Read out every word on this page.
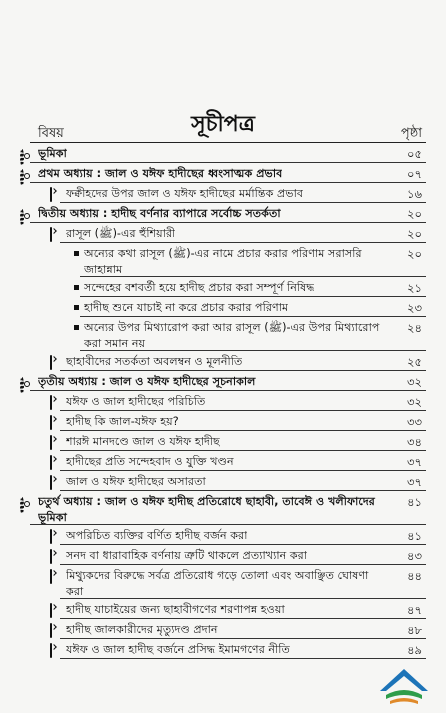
সূচীপত্র
বিষয়	পৃষ্ঠা
ভূমিকা	০৫
প্রথম অধ্যায় : জাল ও যঈফ হাদীছের ধ্বংসাত্মক প্রভাব	০৭
ফক্বীহদের উপর জাল ও যঈফ হাদীছের মর্মান্তিক প্রভাব	১৬
দ্বিতীয় অধ্যায় : হাদীছ বর্ণনার ব্যাপারে সর্বোচ্চ সতর্কতা	২০
রাসূল (ﷺ)-এর হুঁশিয়ারী	২০
অন্যের কথা রাসূল (ﷺ)-এর নামে প্রচার করার পরিণাম সরাসরি জাহান্নাম
২০
সন্দেহের বশবর্তী হয়ে হাদীছ প্রচার করা সম্পূর্ণ নিষিদ্ধ	২১
হাদীছ শুনে যাচাই না করে প্রচার করার পরিণাম	২৩
অন্যের উপর মিথ্যারোপ করা আর রাসূল (ﷺ)-এর উপর মিথ্যারোপ করা সমান নয়
২৪
ছাহাবীদের সতর্কতা অবলম্বন ও মূলনীতি	২৫
তৃতীয় অধ্যায় : জাল ও যঈফ হাদীছের সূচনাকাল	৩২
যঈফ ও জাল হাদীছের পরিচিতি	৩২
হাদীছ কি জাল-যঈফ হয়?	৩৩
শারঈ মানদণ্ডে জাল ও যঈফ হাদীছ	৩৪
হাদীছের প্রতি সন্দেহবাদ ও যুক্তি খণ্ডন	৩৭
জাল ও যঈফ হাদীছের অসারতা	৩৭
চতুর্থ অধ্যায় : জাল ও যঈফ হাদীছ প্রতিরোধে ছাহাবী, তাবেঈ ও খলীফাদের ভূমিকা
৪১
অপরিচিত ব্যক্তির বর্ণিত হাদীছ বর্জন করা	৪১
সনদ বা ধারাবাহিক বর্ণনায় ত্রুটি থাকলে প্রত্যাখ্যান করা	৪৩
মিথ্যুকদের বিরুদ্ধে সর্বত্র প্রতিরোধ গড়ে তোলা এবং অবাঞ্ছিত ঘোষণা করা
৪৪
হাদীছ যাচাইয়ের জন্য ছাহাবীগণের শরণাপন্ন হওয়া	৪৭
হাদীছ জালকারীদের মৃত্যুদণ্ড প্রদান	৪৮
যঈফ ও জাল হাদীছ বর্জনে প্রসিদ্ধ ইমামগণের নীতি	৪৯
